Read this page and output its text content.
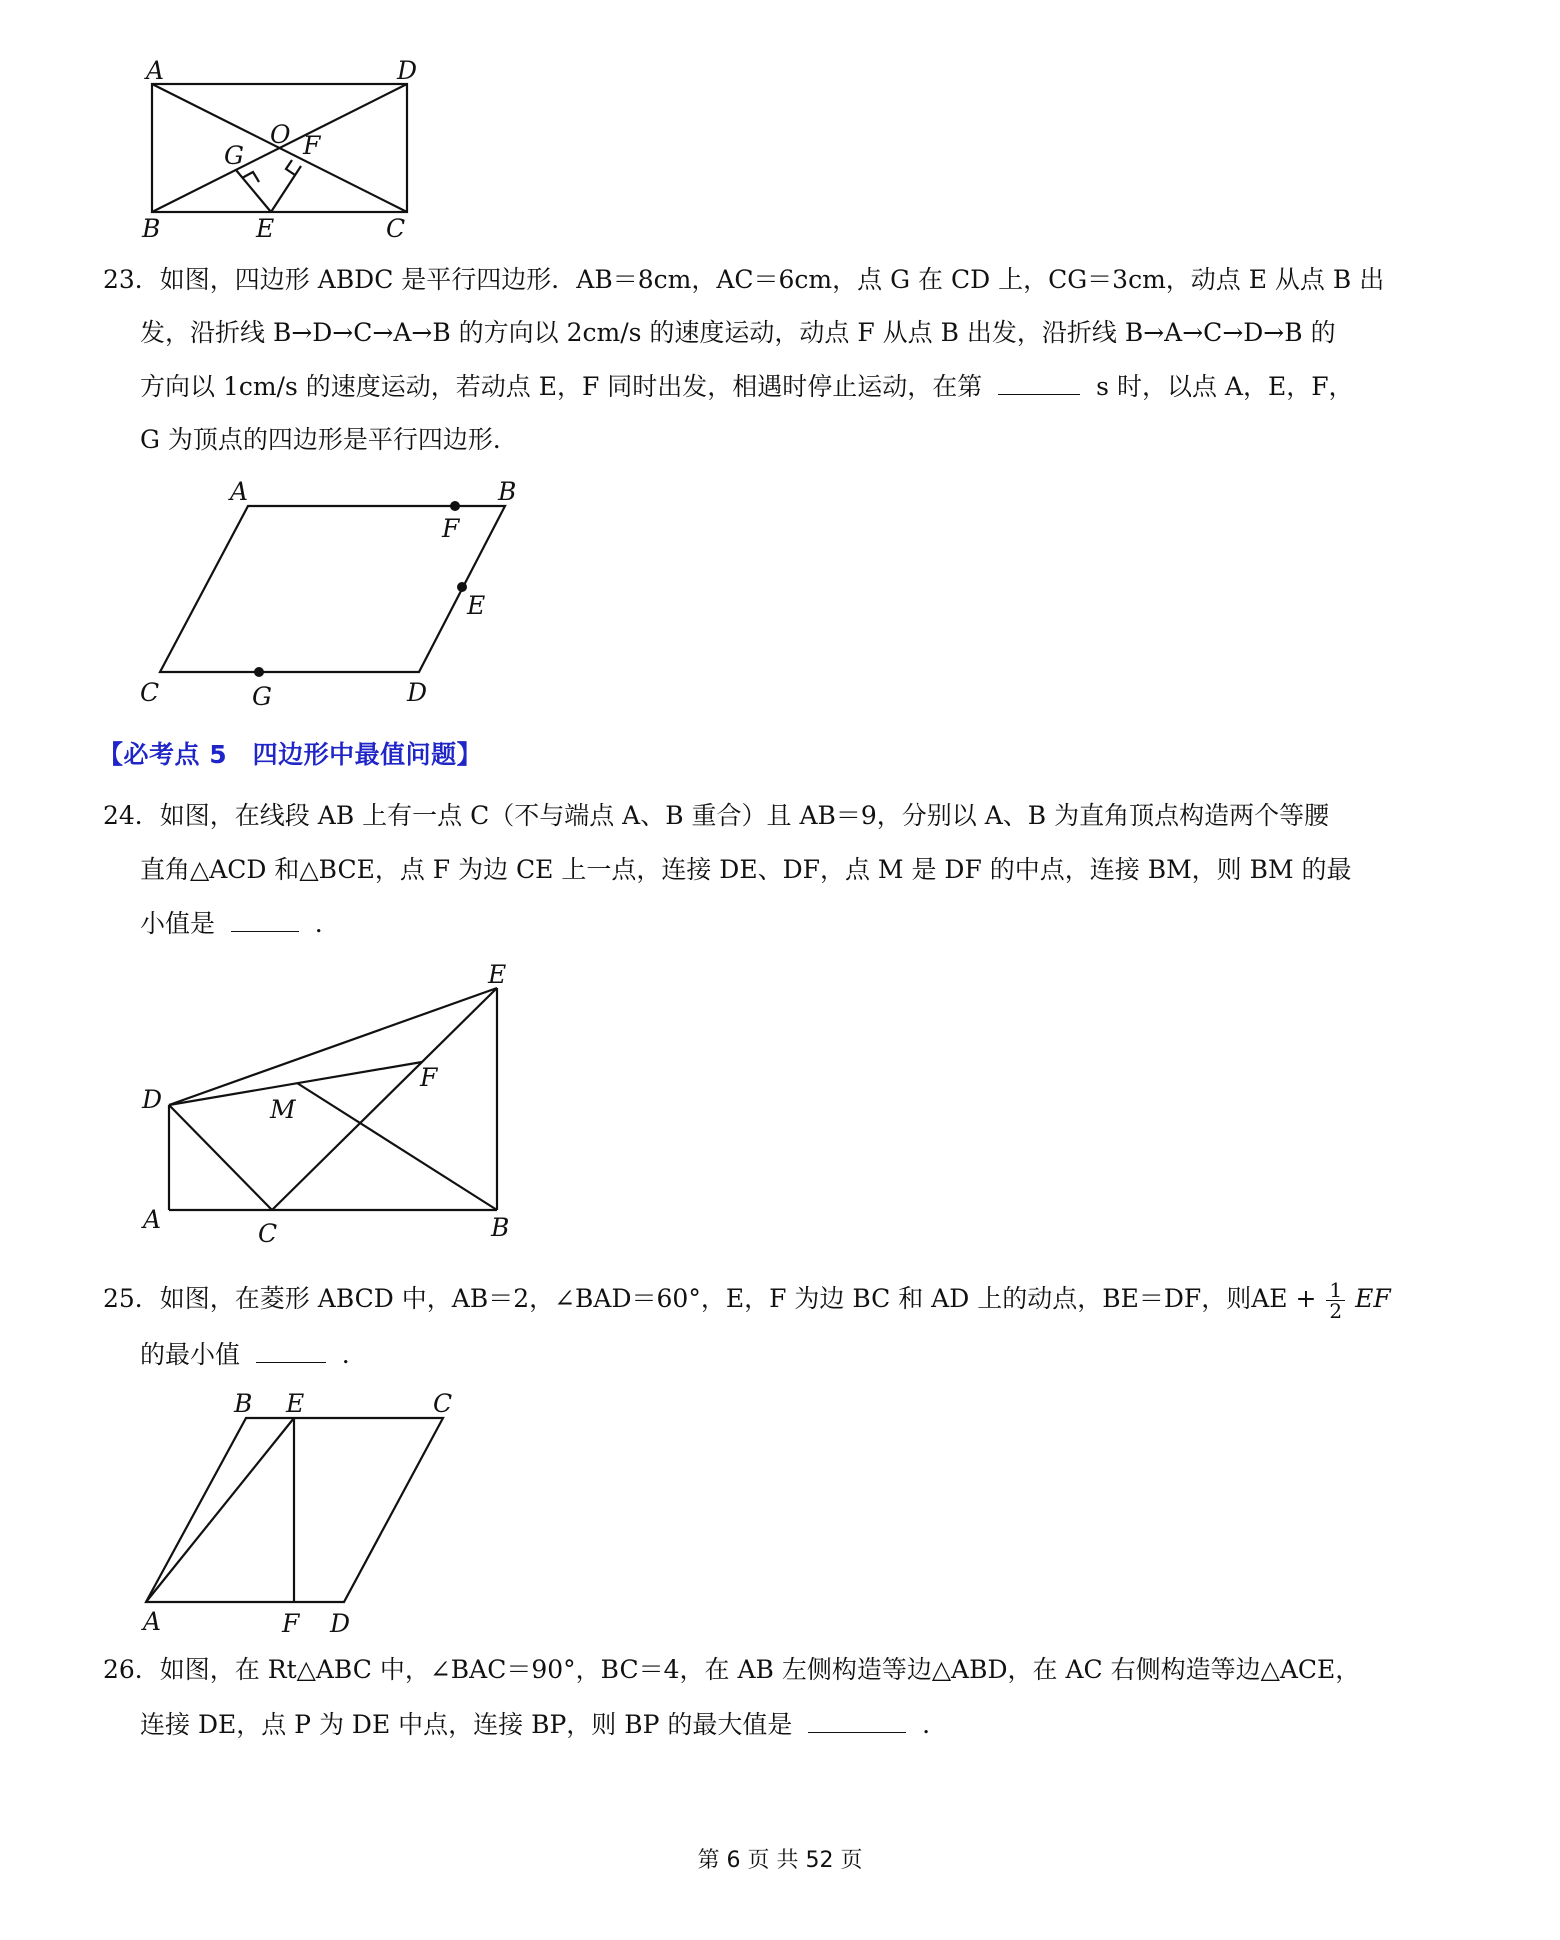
A	D
O
G F
B	E	C
23．如图，四边形 ABDC 是平行四边形．AB＝8cm，AC＝6cm，点 G 在 CD 上，CG＝3cm，动点 E 从点 B 出
发，沿折线 B→D→C→A→B 的方向以 2cm/s 的速度运动，动点 F 从点 B 出发，沿折线 B→A→C→D→B 的
方向以 1cm/s 的速度运动，若动点 E，F 同时出发，相遇时停止运动，在第	s 时，以点 A，E，F，
G 为顶点的四边形是平行四边形．
A	B
F
E
C	G	D
【必考点 5　四边形中最值问题】
24．如图，在线段 AB 上有一点 C（不与端点 A、B 重合）且 AB＝9，分别以 A、B 为直角顶点构造两个等腰
直角△ACD 和△BCE，点 F 为边 CE 上一点，连接 DE、DF，点 M 是 DF 的中点，连接 BM，则 BM 的最
小值是	．
E
D
F
M
A	C	B
25．如图，在菱形 ABCD 中，AB＝2，∠BAD＝60°，E，F 为边 BC 和 AD 上的动点，BE＝DF，则AE + $\frac{1}{2}$ EF
的最小值	．
B E	C
A	F D
26．如图，在 Rt△ABC 中，∠BAC＝90°，BC＝4，在 AB 左侧构造等边△ABD，在 AC 右侧构造等边△ACE，
连接 DE，点 P 为 DE 中点，连接 BP，则 BP 的最大值是	．
第 6 页 共 52 页
